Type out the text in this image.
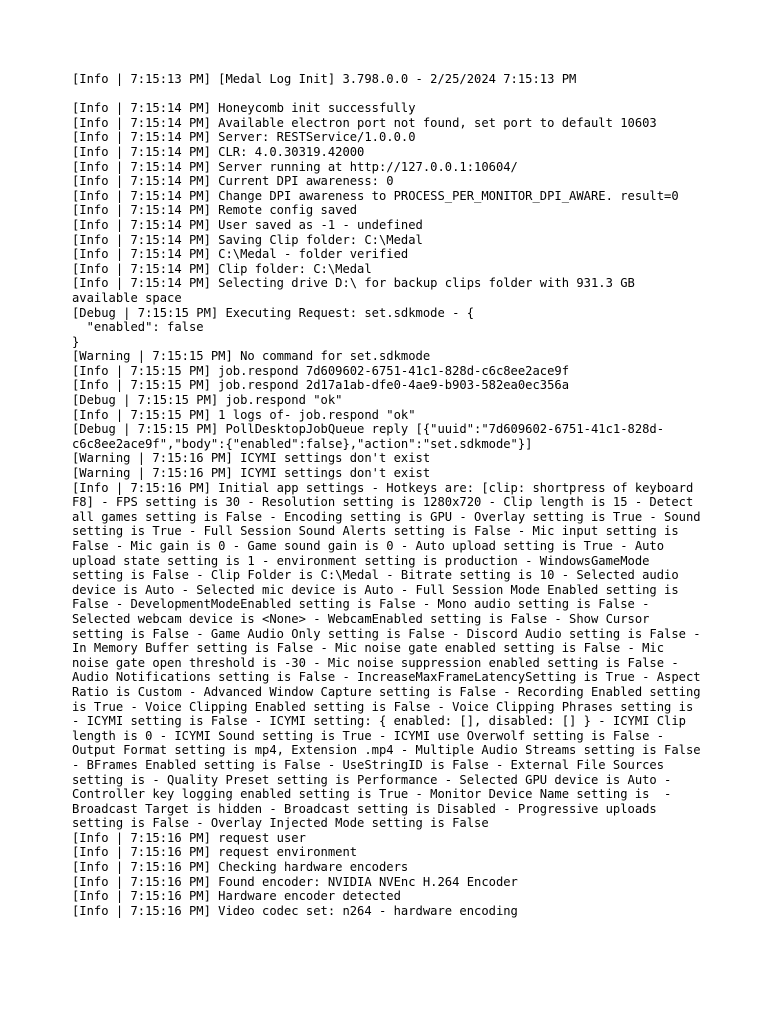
[Info | 7:15:13 PM] [Medal Log Init] 3.798.0.0 - 2/25/2024 7:15:13 PM
[Info | 7:15:14 PM] Honeycomb init successfully
[Info | 7:15:14 PM] Available electron port not found, set port to default 10603
[Info | 7:15:14 PM] Server: RESTService/1.0.0.0
[Info | 7:15:14 PM] CLR: 4.0.30319.42000
[Info | 7:15:14 PM] Server running at http://127.0.0.1:10604/
[Info | 7:15:14 PM] Current DPI awareness: 0
[Info | 7:15:14 PM] Change DPI awareness to PROCESS_PER_MONITOR_DPI_AWARE. result=0
[Info | 7:15:14 PM] Remote config saved
[Info | 7:15:14 PM] User saved as -1 - undefined
[Info | 7:15:14 PM] Saving Clip folder: C:\Medal
[Info | 7:15:14 PM] C:\Medal - folder verified
[Info | 7:15:14 PM] Clip folder: C:\Medal
[Info | 7:15:14 PM] Selecting drive D:\ for backup clips folder with 931.3 GB available space
[Debug | 7:15:15 PM] Executing Request: set.sdkmode - {
"enabled": false
}
[Warning | 7:15:15 PM] No command for set.sdkmode
[Info | 7:15:15 PM] job.respond 7d609602-6751-41c1-828d-c6c8ee2ace9f
[Info | 7:15:15 PM] job.respond 2d17a1ab-dfe0-4ae9-b903-582ea0ec356a
[Debug | 7:15:15 PM] job.respond "ok"
[Info | 7:15:15 PM] 1 logs of- job.respond "ok"
[Debug | 7:15:15 PM] PollDesktopJobQueue reply [{"uuid":"7d609602-6751-41c1-828d-c6c8ee2ace9f","body":{"enabled":false},"action":"set.sdkmode"}]
[Warning | 7:15:16 PM] ICYMI settings don't exist
[Warning | 7:15:16 PM] ICYMI settings don't exist
[Info | 7:15:16 PM] Initial app settings - Hotkeys are: [clip: shortpress of keyboard F8] - FPS setting is 30 - Resolution setting is 1280x720 - Clip length is 15 - Detect all games setting is False - Encoding setting is GPU - Overlay setting is True - Sound setting is True - Full Session Sound Alerts setting is False - Mic input setting is False - Mic gain is 0 - Game sound gain is 0 - Auto upload setting is True - Auto upload state setting is 1 - environment setting is production - WindowsGameMode setting is False - Clip Folder is C:\Medal - Bitrate setting is 10 - Selected audio device is Auto - Selected mic device is Auto - Full Session Mode Enabled setting is False - DevelopmentModeEnabled setting is False - Mono audio setting is False - Selected webcam device is <None> - WebcamEnabled setting is False - Show Cursor setting is False - Game Audio Only setting is False - Discord Audio setting is False - In Memory Buffer setting is False - Mic noise gate enabled setting is False - Mic noise gate open threshold is -30 - Mic noise suppression enabled setting is False - Audio Notifications setting is False - IncreaseMaxFrameLatencySetting is True - Aspect Ratio is Custom - Advanced Window Capture setting is False - Recording Enabled setting is True - Voice Clipping Enabled setting is False - Voice Clipping Phrases setting is  - ICYMI setting is False - ICYMI setting: { enabled: [], disabled: [] } - ICYMI Clip length is 0 - ICYMI Sound setting is True - ICYMI use Overwolf setting is False - Output Format setting is mp4, Extension .mp4 - Multiple Audio Streams setting is False - BFrames Enabled setting is False - UseStringID is False - External File Sources setting is - Quality Preset setting is Performance - Selected GPU device is Auto - Controller key logging enabled setting is True - Monitor Device Name setting is  - Broadcast Target is hidden - Broadcast setting is Disabled - Progressive uploads setting is False - Overlay Injected Mode setting is False
[Info | 7:15:16 PM] request user
[Info | 7:15:16 PM] request environment
[Info | 7:15:16 PM] Checking hardware encoders
[Info | 7:15:16 PM] Found encoder: NVIDIA NVEnc H.264 Encoder
[Info | 7:15:16 PM] Hardware encoder detected
[Info | 7:15:16 PM] Video codec set: n264 - hardware encoding
